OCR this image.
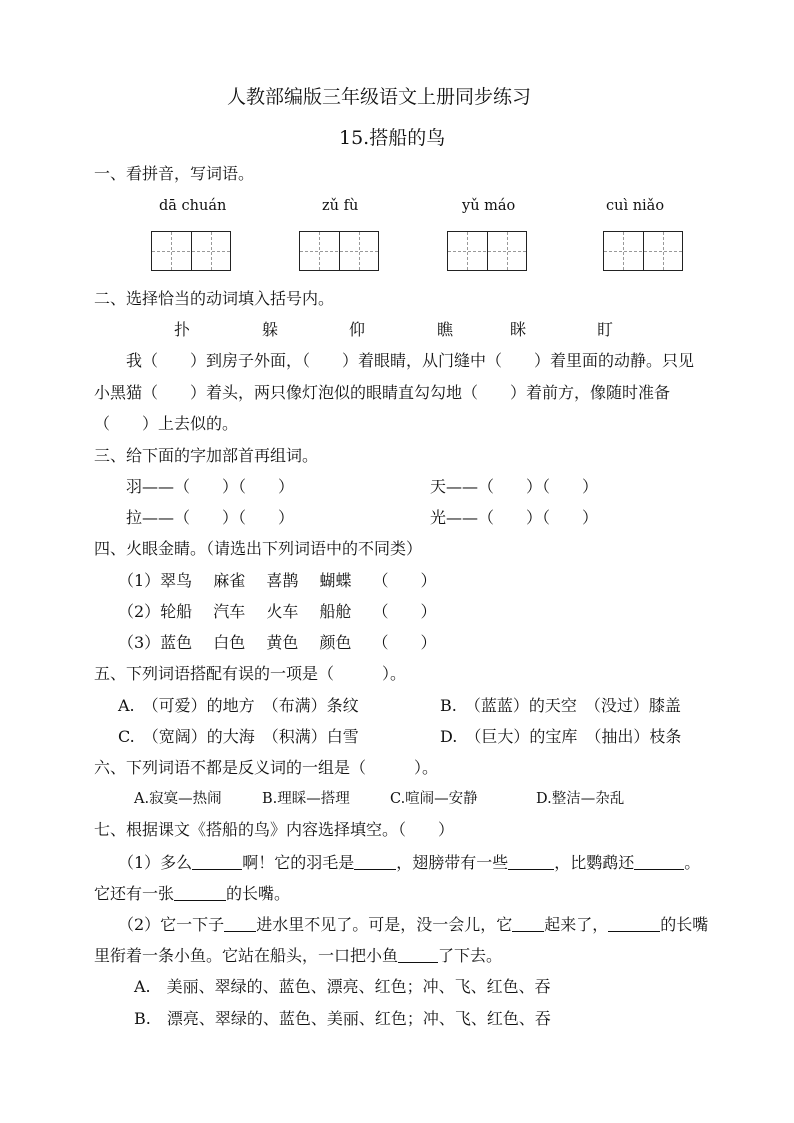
人教部编版三年级语文上册同步练习
15.搭船的鸟
一、看拼音，写词语。
dā chuán	zǔ fù	yǔ máo	cuì niǎo
二、选择恰当的动词填入括号内。
扑	躲	仰	瞧	眯	盯
我（　　）到房子外面，（　　）着眼睛，从门缝中（　　）着里面的动静。只见
小黑猫（　　）着头，两只像灯泡似的眼睛直勾勾地（　　）着前方，像随时准备
（　　）上去似的。
三、给下面的字加部首再组词。
羽——（　　）（　　）	天——（　　）（　　）
拉——（　　）（　　）	光——（　　）（　　）
四、火眼金睛。（请选出下列词语中的不同类）
（1）翠鸟　 麻雀　 喜鹊　 蝴蝶　 （　　）
（2）轮船　 汽车　 火车　 船舱　 （　　）
（3）蓝色　 白色　 黄色　 颜色　 （　　）
五、下列词语搭配有误的一项是（　　　）。
A.　（可爱）的地方　（布满）条纹	B.　（蓝蓝）的天空　（没过）膝盖
C.　（宽阔）的大海　（积满）白雪	D.　（巨大）的宝库　（抽出）枝条
六、下列词语不都是反义词的一组是（　　　）。
A.寂寞—热闹	B.理睬—搭理	C.喧闹—安静	D.整洁—杂乱
七、根据课文《搭船的鸟》内容选择填空。（　　）
（1）多么	啊！它的羽毛是	，翅膀带有一些	，比鹦鹉还	。
它还有一张	的长嘴。
（2）它一下子 进水里不见了。可是，没一会儿，它 起来了，	的长嘴
里衔着一条小鱼。它站在船头，一口把小鱼	了下去。
A.　美丽、翠绿的、蓝色、漂亮、红色；冲、飞、红色、吞
B.　漂亮、翠绿的、蓝色、美丽、红色；冲、飞、红色、吞
